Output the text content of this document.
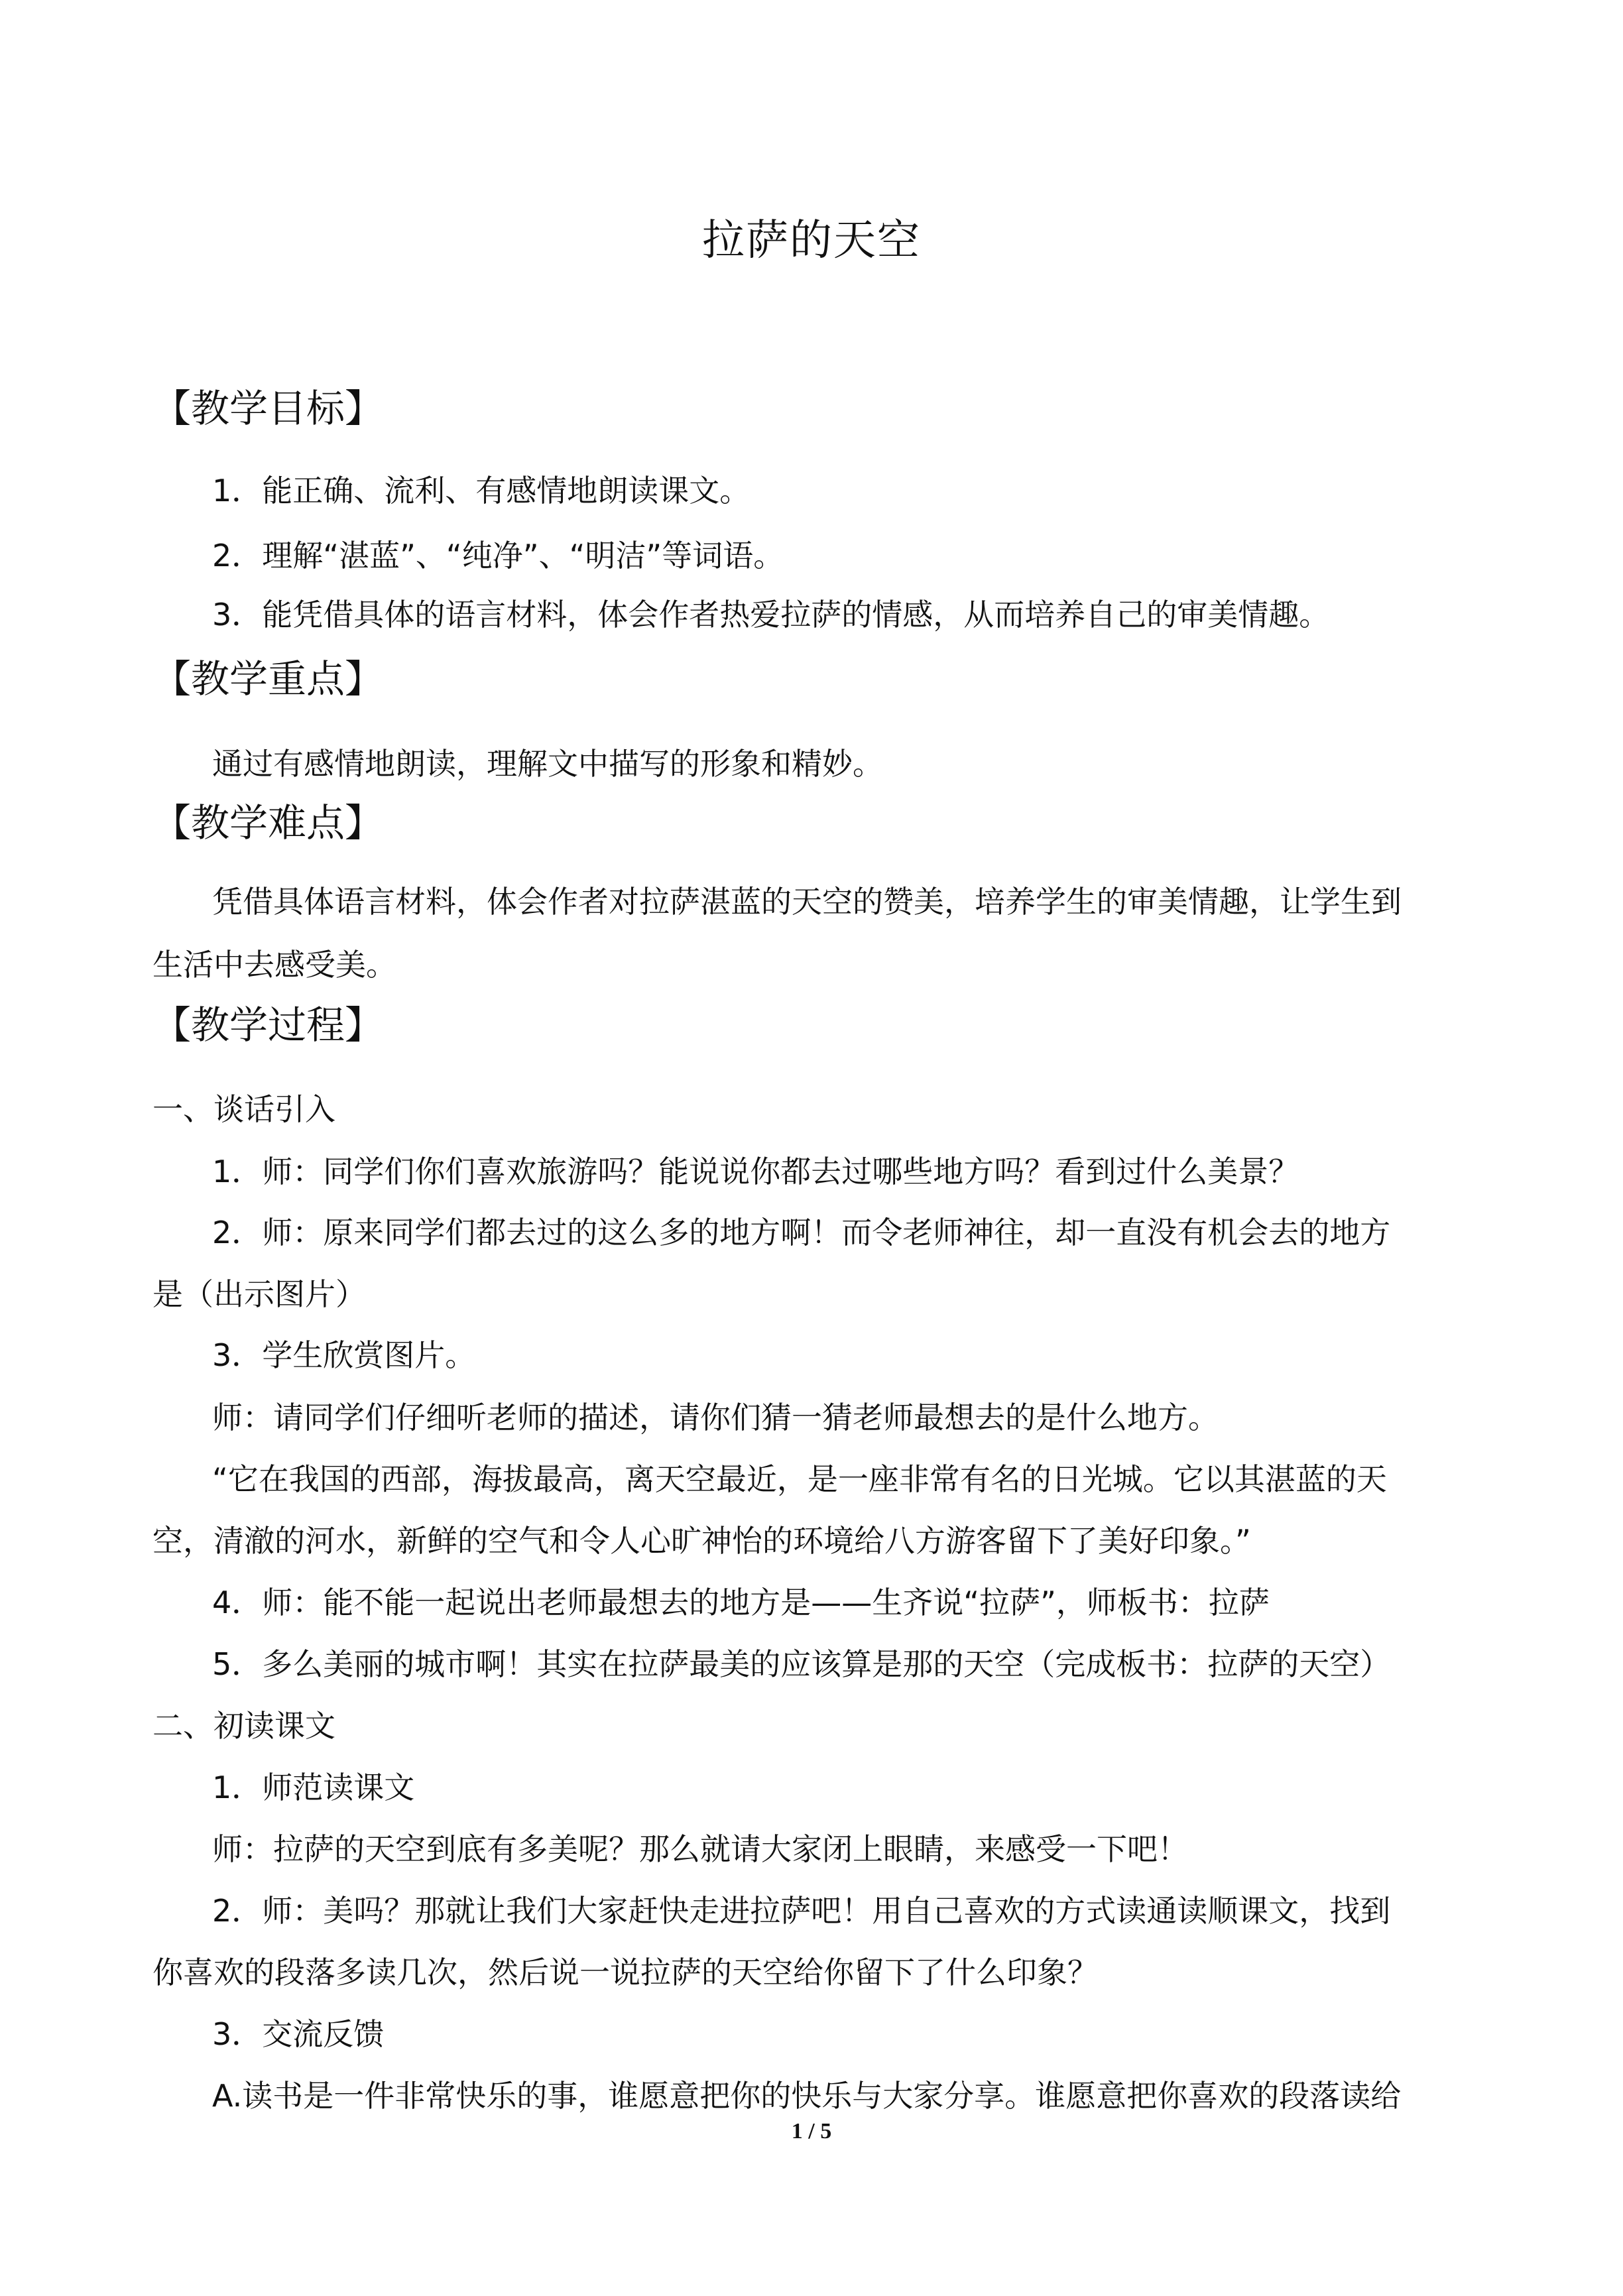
拉萨的天空
【教学目标】
1．能正确、流利、有感情地朗读课文。
2．理解“湛蓝”、“纯净”、“明洁”等词语。
3．能凭借具体的语言材料，体会作者热爱拉萨的情感，从而培养自己的审美情趣。
【教学重点】
通过有感情地朗读，理解文中描写的形象和精妙。
【教学难点】
凭借具体语言材料，体会作者对拉萨湛蓝的天空的赞美，培养学生的审美情趣，让学生到
生活中去感受美。
【教学过程】
一、谈话引入
1．师：同学们你们喜欢旅游吗？能说说你都去过哪些地方吗？看到过什么美景？
2．师：原来同学们都去过的这么多的地方啊！而令老师神往，却一直没有机会去的地方
是（出示图片）
3．学生欣赏图片。
师：请同学们仔细听老师的描述，请你们猜一猜老师最想去的是什么地方。
“它在我国的西部，海拔最高，离天空最近，是一座非常有名的日光城。它以其湛蓝的天
空，清澈的河水，新鲜的空气和令人心旷神怡的环境给八方游客留下了美好印象。”
4．师：能不能一起说出老师最想去的地方是——生齐说“拉萨”，师板书：拉萨
5．多么美丽的城市啊！其实在拉萨最美的应该算是那的天空（完成板书：拉萨的天空）
二、初读课文
1．师范读课文
师：拉萨的天空到底有多美呢？那么就请大家闭上眼睛，来感受一下吧！
2．师：美吗？那就让我们大家赶快走进拉萨吧！用自己喜欢的方式读通读顺课文，找到
你喜欢的段落多读几次，然后说一说拉萨的天空给你留下了什么印象？
3．交流反馈
A.读书是一件非常快乐的事，谁愿意把你的快乐与大家分享。谁愿意把你喜欢的段落读给
1 / 5
